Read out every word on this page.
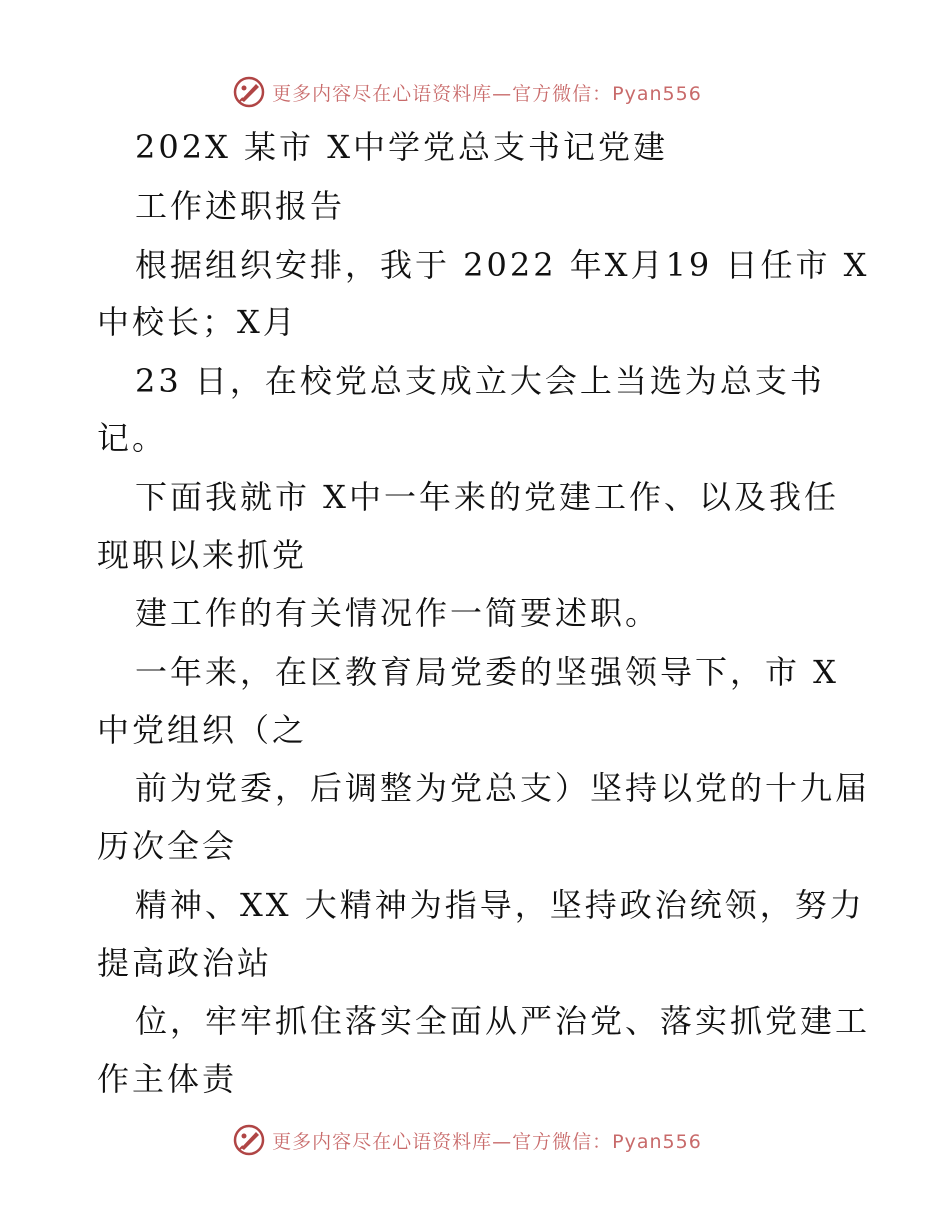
更多内容尽在心语资料库—官方微信：Pyan556
202X 某市 X中学党总支书记党建
工作述职报告
根据组织安排，我于 2022 年X月19 日任市 X
中校长；X月
23 日，在校党总支成立大会上当选为总支书
记。
下面我就市 X中一年来的党建工作、以及我任
现职以来抓党
建工作的有关情况作一简要述职。
一年来，在区教育局党委的坚强领导下，市 X
中党组织（之
前为党委，后调整为党总支）坚持以党的十九届
历次全会
精神、XX 大精神为指导，坚持政治统领，努力
提高政治站
位，牢牢抓住落实全面从严治党、落实抓党建工
作主体责
更多内容尽在心语资料库—官方微信：Pyan556
